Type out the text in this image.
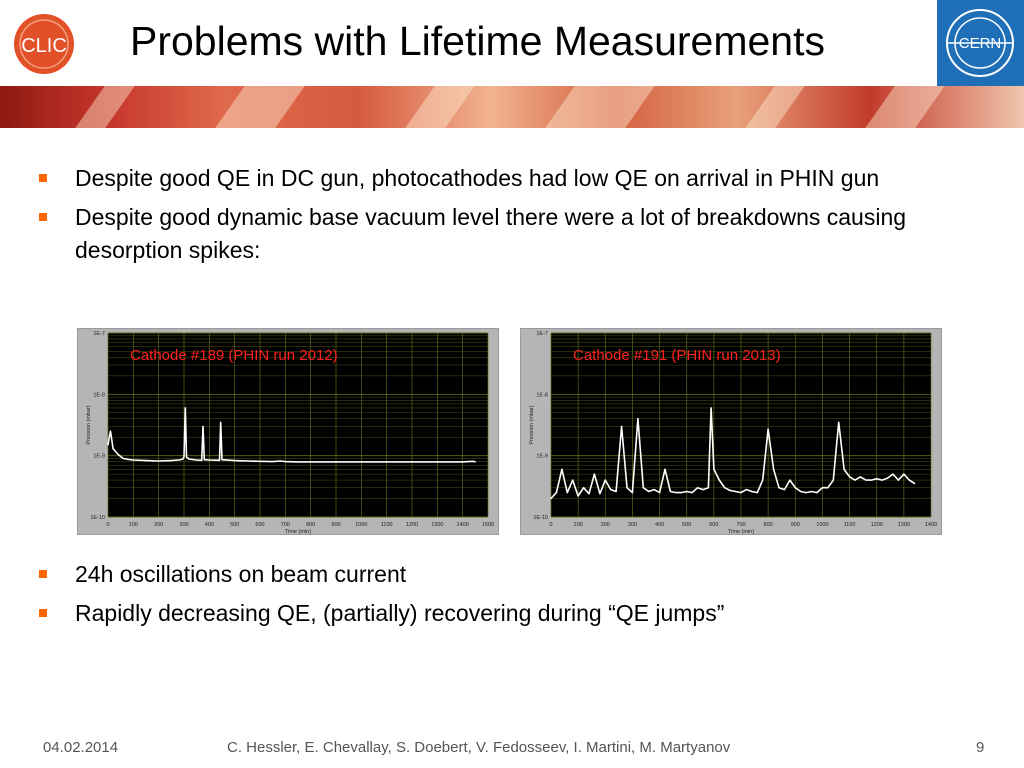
CLIC Problems with Lifetime Measurements	CERN
Despite good QE in DC gun, photocathodes had low QE on arrival in PHIN gun
Despite good dynamic base vacuum level there were a lot of breakdowns causing desorption spikes:
0	100	200	300	400	500	600	700	800	900	1000 1100 1200 1300 1400 1500
1E-10
1E-9
1E-8
1E-7
Time (min)
Pression (mbar)
Cathode #189 (PHIN run 2012)
0	100	200	300	400	500	600	700	800	900	1000	1100	1200	1300	1400
1E-10
1E-9
1E-8
1E-7
Time (min)
Pression (mbar)
Cathode #191 (PHIN run 2013)
24h oscillations on beam current
Rapidly decreasing QE, (partially) recovering during “QE jumps”
04.02.2014	C. Hessler, E. Chevallay, S. Doebert, V. Fedosseev, I. Martini, M. Martyanov	9
